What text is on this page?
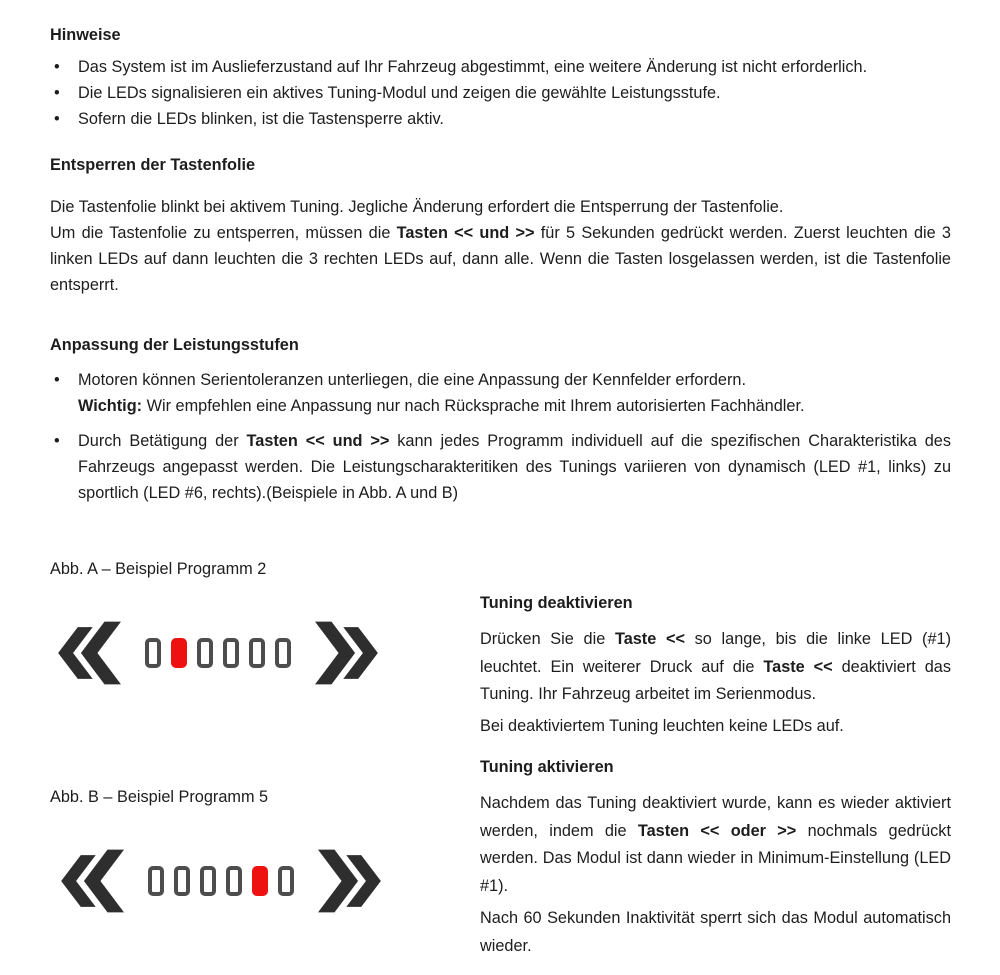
Hinweise
•	Das System ist im Auslieferzustand auf Ihr Fahrzeug abgestimmt, eine weitere Änderung ist nicht erforderlich.

•	Die LEDs signalisieren ein aktives Tuning-Modul und zeigen die gewählte Leistungsstufe.

•	Sofern die LEDs blinken, ist die Tastensperre aktiv.

Entsperren der Tastenfolie

Die Tastenfolie blinkt bei aktivem Tuning. Jegliche Änderung erfordert die Entsperrung der Tastenfolie.

Um die Tastenfolie zu entsperren, müssen die Tasten << und >> für 5 Sekunden gedrückt werden. Zuerst leuchten die 3 linken LEDs auf dann leuchten die 3 rechten LEDs auf, dann alle. Wenn die Tasten losgelassen werden, ist die Tastenfolie entsperrt.

Anpassung der Leistungsstufen
•	Motoren können Serientoleranzen unterliegen, die eine Anpassung der Kennfelder erfordern.

Wichtig: Wir empfehlen eine Anpassung nur nach Rücksprache mit Ihrem autorisierten Fachhändler.

•	Durch Betätigung der Tasten << und >> kann jedes Programm individuell auf die spezifischen Charakteristika des Fahrzeugs angepasst werden. Die Leistungscharakteritiken des Tunings variieren von dynamisch (LED #1, links) zu sportlich (LED #6, rechts).(Beispiele in Abb. A und B)

Abb. A – Beispiel Programm 2
Abb. B – Beispiel Programm 5
Tuning deaktivieren

Drücken Sie die Taste << so lange, bis die linke LED (#1) leuchtet. Ein weiterer Druck auf die Taste << deaktiviert das Tuning. Ihr Fahrzeug arbeitet im Serienmodus.

Bei deaktiviertem Tuning leuchten keine LEDs auf.

Tuning aktivieren

Nachdem das Tuning deaktiviert wurde, kann es wieder aktiviert werden, indem die Tasten << oder >> nochmals gedrückt werden. Das Modul ist dann wieder in Minimum-Einstellung (LED #1).

Nach 60 Sekunden Inaktivität sperrt sich das Modul automatisch wieder.
